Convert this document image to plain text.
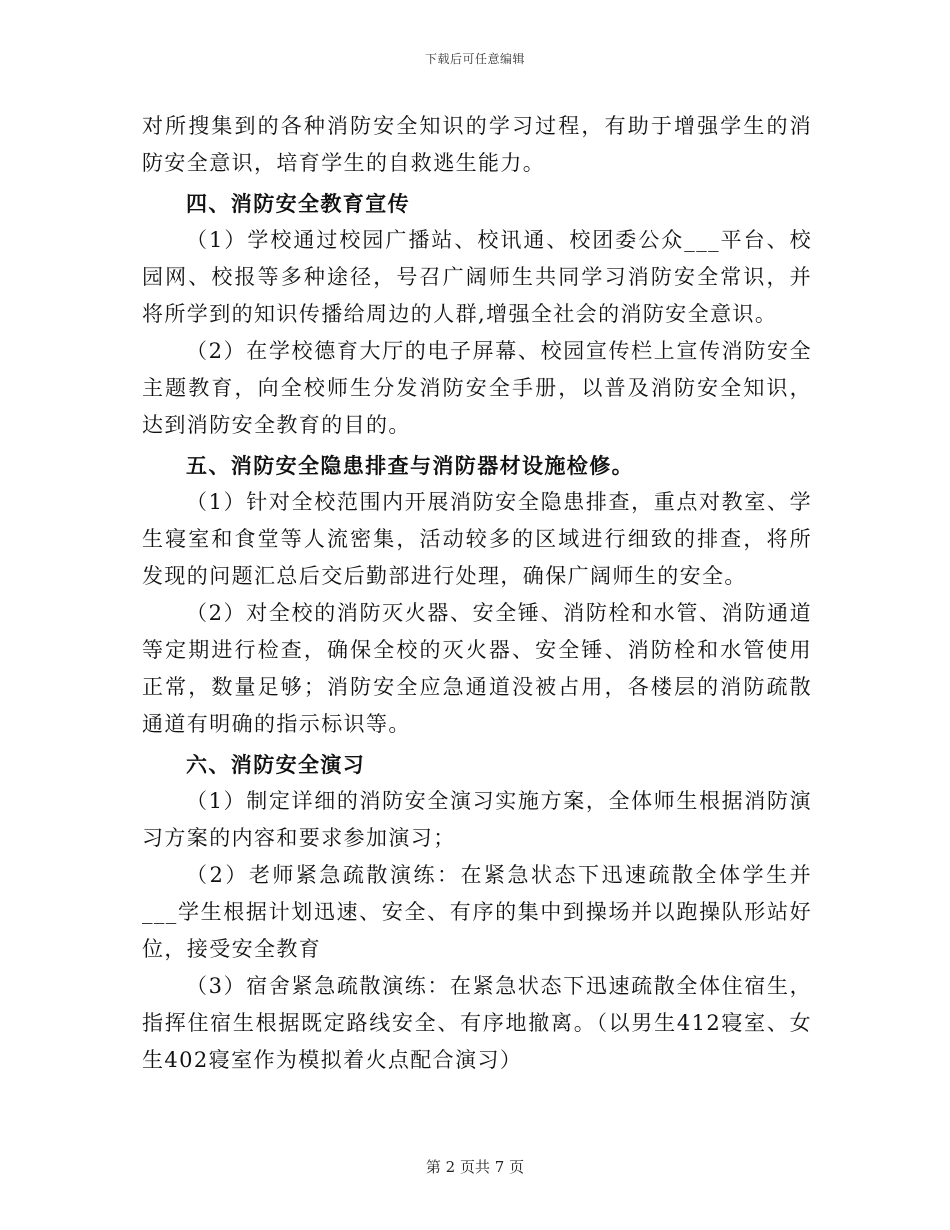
下载后可任意编辑

对所搜集到的各种消防安全知识的学习过程，有助于增强学生的消防安全意识，培育学生的自救逃生能力。

四、消防安全教育宣传

（1）学校通过校园广播站、校讯通、校团委公众___平台、校园网、校报等多种途径，号召广阔师生共同学习消防安全常识，并将所学到的知识传播给周边的人群,增强全社会的消防安全意识。

（2）在学校德育大厅的电子屏幕、校园宣传栏上宣传消防安全主题教育，向全校师生分发消防安全手册，以普及消防安全知识，达到消防安全教育的目的。

五、消防安全隐患排查与消防器材设施检修。

（1）针对全校范围内开展消防安全隐患排查，重点对教室、学生寝室和食堂等人流密集，活动较多的区域进行细致的排查，将所发现的问题汇总后交后勤部进行处理，确保广阔师生的安全。

（2）对全校的消防灭火器、安全锤、消防栓和水管、消防通道等定期进行检查，确保全校的灭火器、安全锤、消防栓和水管使用正常，数量足够；消防安全应急通道没被占用，各楼层的消防疏散通道有明确的指示标识等。

六、消防安全演习

（1）制定详细的消防安全演习实施方案，全体师生根据消防演习方案的内容和要求参加演习；

（2）老师紧急疏散演练：在紧急状态下迅速疏散全体学生并___学生根据计划迅速、安全、有序的集中到操场并以跑操队形站好位，接受安全教育

（3）宿舍紧急疏散演练：在紧急状态下迅速疏散全体住宿生，指挥住宿生根据既定路线安全、有序地撤离。（以男生412寝室、女生402寝室作为模拟着火点配合演习）

第 2 页共 7 页
